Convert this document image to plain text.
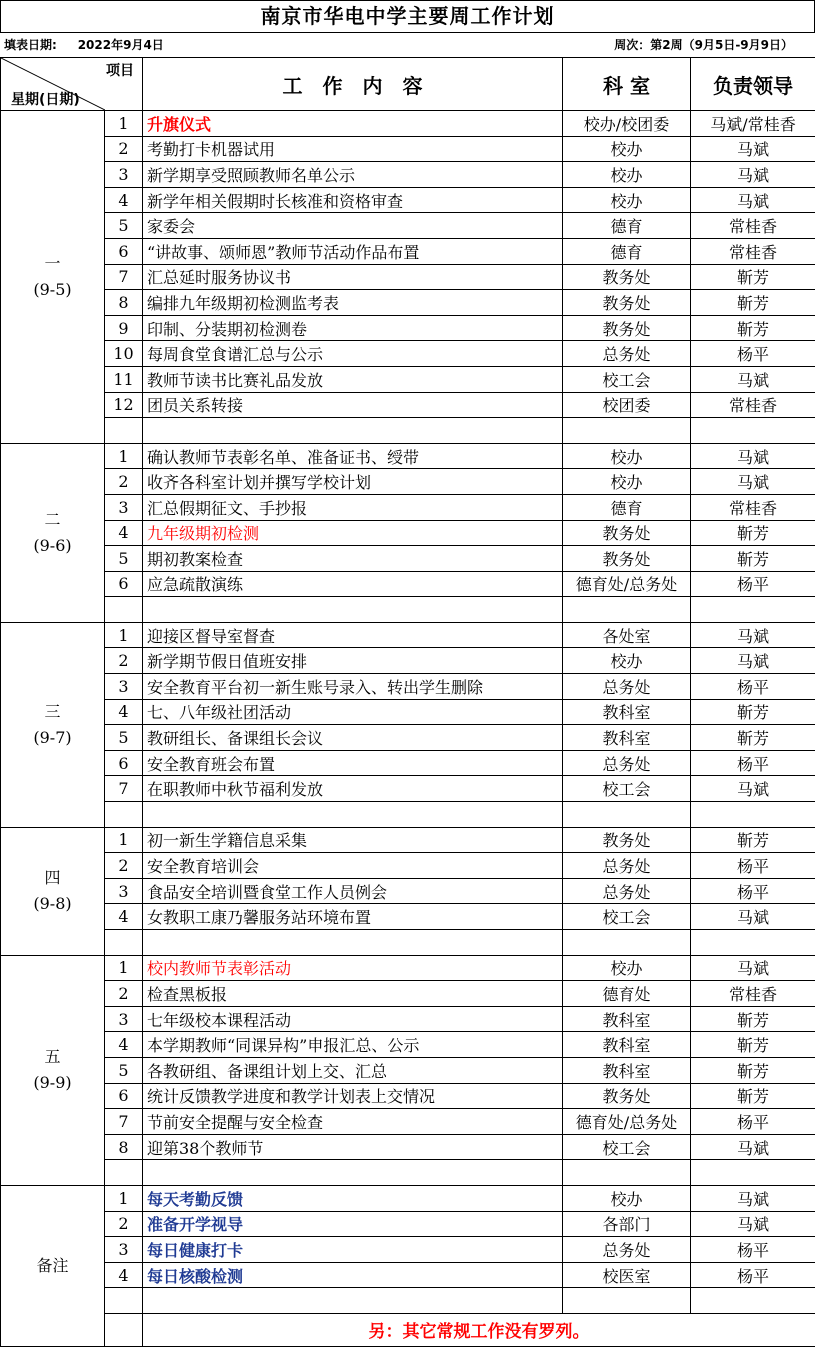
南京市华电中学主要周工作计划
填表日期: 2022年9月4日	周次：第2周（9月5日-9月9日）
项目
星期(日期)		工　作　内　容	科 室	负责领导

一
(9-5)	1	升旗仪式	校办/校团委	马斌/常桂香
	2	考勤打卡机器试用	校办	马斌
	3	新学期享受照顾教师名单公示	校办	马斌
	4	新学年相关假期时长核准和资格审查	校办	马斌
	5	家委会	德育	常桂香
	6	“讲故事、颂师恩”教师节活动作品布置	德育	常桂香
	7	汇总延时服务协议书	教务处	靳芳
	8	编排九年级期初检测监考表	教务处	靳芳
	9	印制、分装期初检测卷	教务处	靳芳
	10	每周食堂食谱汇总与公示	总务处	杨平
	11	教师节读书比赛礼品发放	校工会	马斌
	12	团员关系转接	校团委	常桂香

二
(9-6)	1	确认教师节表彰名单、准备证书、绶带	校办	马斌
	2	收齐各科室计划并撰写学校计划	校办	马斌
	3	汇总假期征文、手抄报	德育	常桂香
	4	九年级期初检测	教务处	靳芳
	5	期初教案检查	教务处	靳芳
	6	应急疏散演练	德育处/总务处	杨平

三
(9-7)	1	迎接区督导室督查	各处室	马斌
	2	新学期节假日值班安排	校办	马斌
	3	安全教育平台初一新生账号录入、转出学生删除	总务处	杨平
	4	七、八年级社团活动	教科室	靳芳
	5	教研组长、备课组长会议	教科室	靳芳
	6	安全教育班会布置	总务处	杨平
	7	在职教师中秋节福利发放	校工会	马斌

四
(9-8)	1	初一新生学籍信息采集	教务处	靳芳
	2	安全教育培训会	总务处	杨平
	3	食品安全培训暨食堂工作人员例会	总务处	杨平
	4	女教职工康乃馨服务站环境布置	校工会	马斌

五
(9-9)	1	校内教师节表彰活动	校办	马斌
	2	检查黑板报	德育处	常桂香
	3	七年级校本课程活动	教科室	靳芳
	4	本学期教师“同课异构”申报汇总、公示	教科室	靳芳
	5	各教研组、备课组计划上交、汇总	教科室	靳芳
	6	统计反馈教学进度和教学计划表上交情况	教务处	靳芳
	7	节前安全提醒与安全检查	德育处/总务处	杨平
	8	迎第38个教师节	校工会	马斌

备注	1	每天考勤反馈	校办	马斌
	2	准备开学视导	各部门	马斌
	3	每日健康打卡	总务处	杨平
	4	每日核酸检测	校医室	杨平

		另：其它常规工作没有罗列。		
